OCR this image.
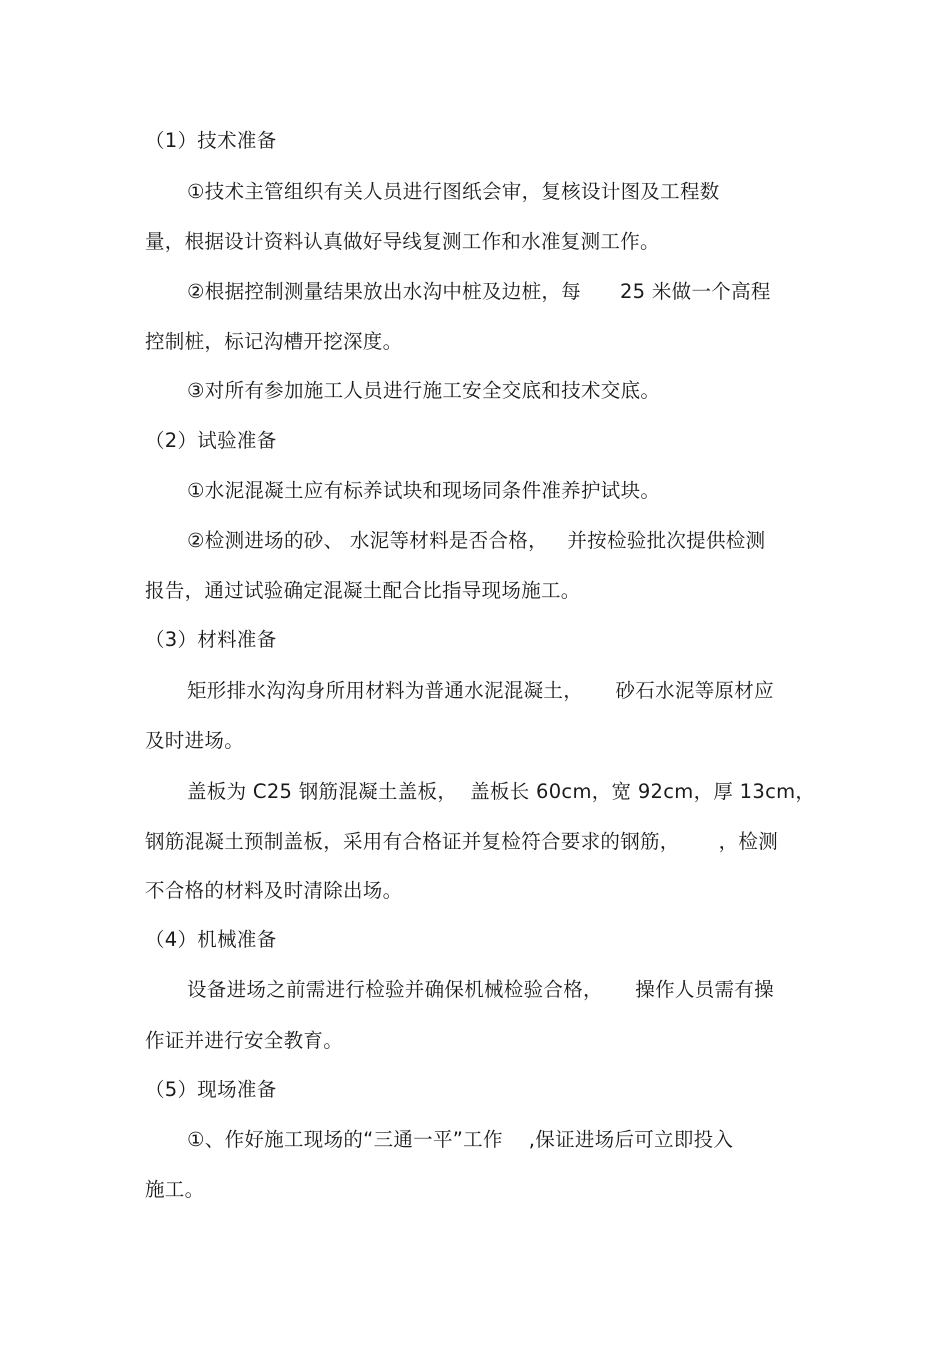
（1）技术准备
①技术主管组织有关人员进行图纸会审，复核设计图及工程数
量，根据设计资料认真做好导线复测工作和水准复测工作。
②根据控制测量结果放出水沟中桩及边桩，每      25 米做一个高程
控制桩，标记沟槽开挖深度。
③对所有参加施工人员进行施工安全交底和技术交底。
（2）试验准备
①水泥混凝土应有标养试块和现场同条件准养护试块。
②检测进场的砂、 水泥等材料是否合格，   并按检验批次提供检测
报告，通过试验确定混凝土配合比指导现场施工。
（3）材料准备
矩形排水沟沟身所用材料为普通水泥混凝土，     砂石水泥等原材应
及时进场。
盖板为 C25 钢筋混凝土盖板，  盖板长 60cm，宽 92cm，厚 13cm，
钢筋混凝土预制盖板，采用有合格证并复检符合要求的钢筋，      ，检测
不合格的材料及时清除出场。
（4）机械准备
设备进场之前需进行检验并确保机械检验合格，     操作人员需有操
作证并进行安全教育。
（5）现场准备
①、作好施工现场的“三通一平”工作    ,保证进场后可立即投入
施工。
